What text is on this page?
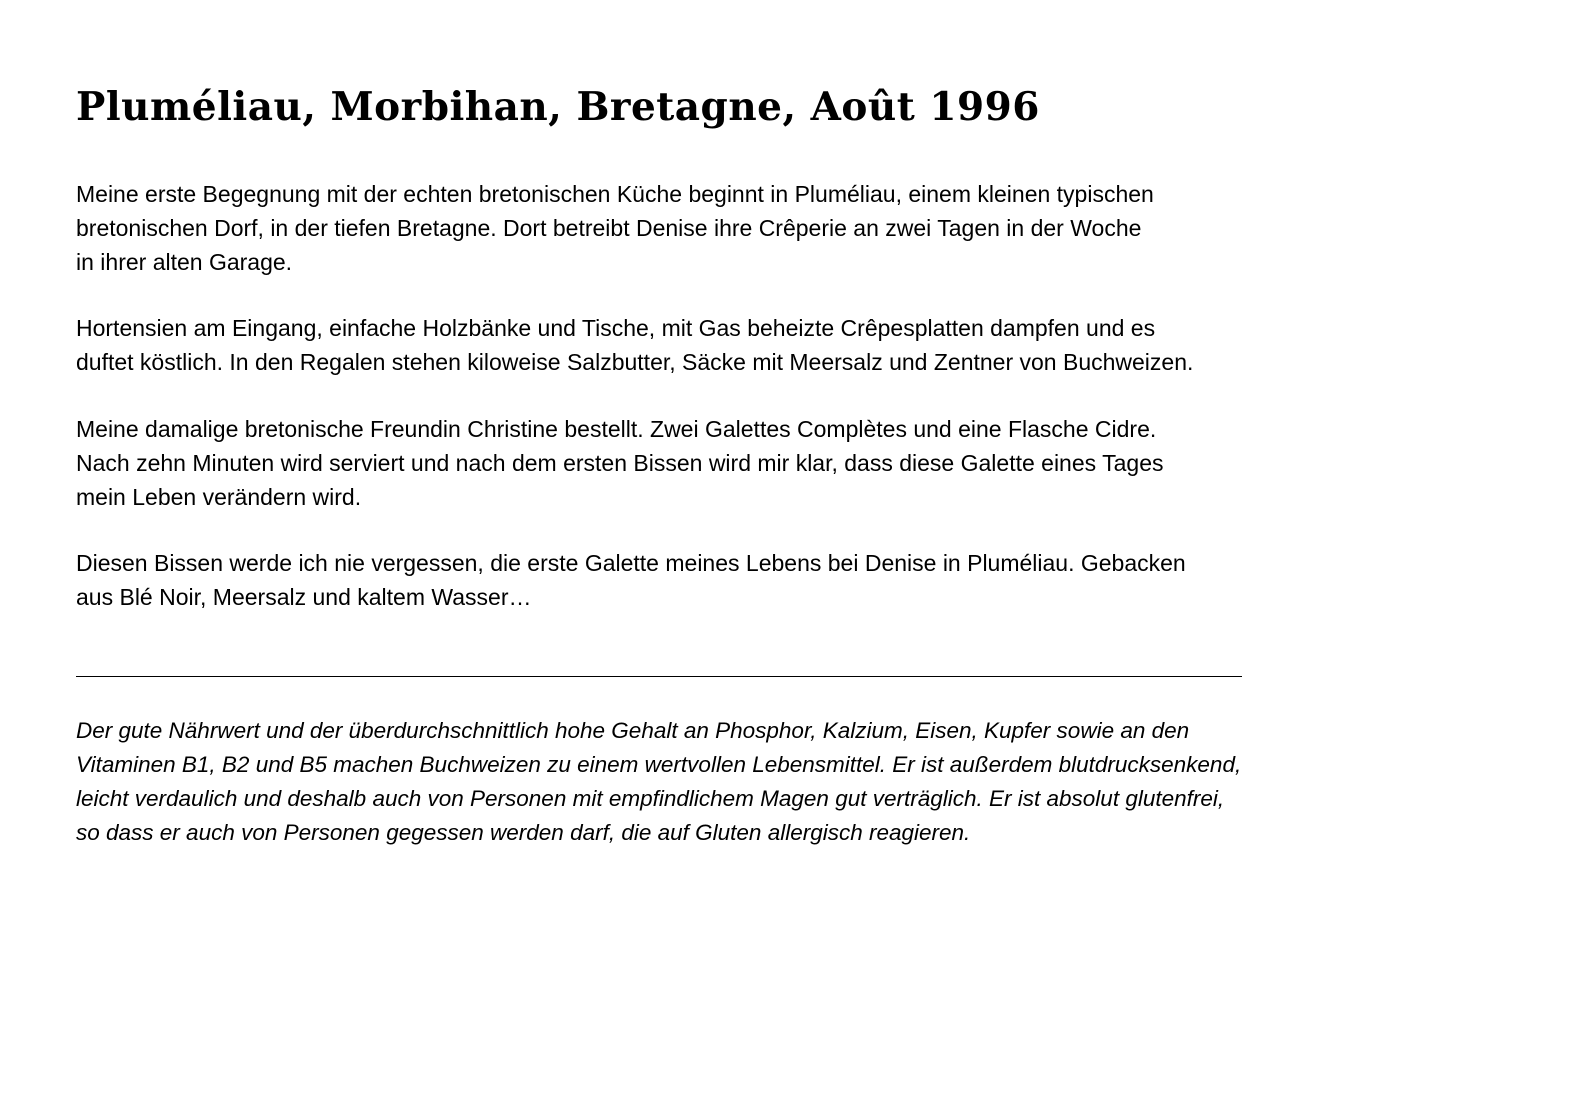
Pluméliau, Morbihan, Bretagne, Août 1996

Meine erste Begegnung mit der echten bretonischen Küche beginnt in Pluméliau, einem kleinen typischen
bretonischen Dorf, in der tiefen Bretagne. Dort betreibt Denise ihre Crêperie an zwei Tagen in der Woche
in ihrer alten Garage.

Hortensien am Eingang, einfache Holzbänke und Tische, mit Gas beheizte Crêpesplatten dampfen und es
duftet köstlich. In den Regalen stehen kiloweise Salzbutter, Säcke mit Meersalz und Zentner von Buchweizen.

Meine damalige bretonische Freundin Christine bestellt. Zwei Galettes Complètes und eine Flasche Cidre.
Nach zehn Minuten wird serviert und nach dem ersten Bissen wird mir klar, dass diese Galette eines Tages
mein Leben verändern wird.

Diesen Bissen werde ich nie vergessen, die erste Galette meines Lebens bei Denise in Pluméliau. Gebacken
aus Blé Noir, Meersalz und kaltem Wasser…

Der gute Nährwert und der überdurchschnittlich hohe Gehalt an Phosphor, Kalzium, Eisen, Kupfer sowie an den
Vitaminen B1, B2 und B5 machen Buchweizen zu einem wertvollen Lebensmittel. Er ist außerdem blutdrucksenkend,
leicht verdaulich und deshalb auch von Personen mit empfindlichem Magen gut verträglich. Er ist absolut glutenfrei,
so dass er auch von Personen gegessen werden darf, die auf Gluten allergisch reagieren.
